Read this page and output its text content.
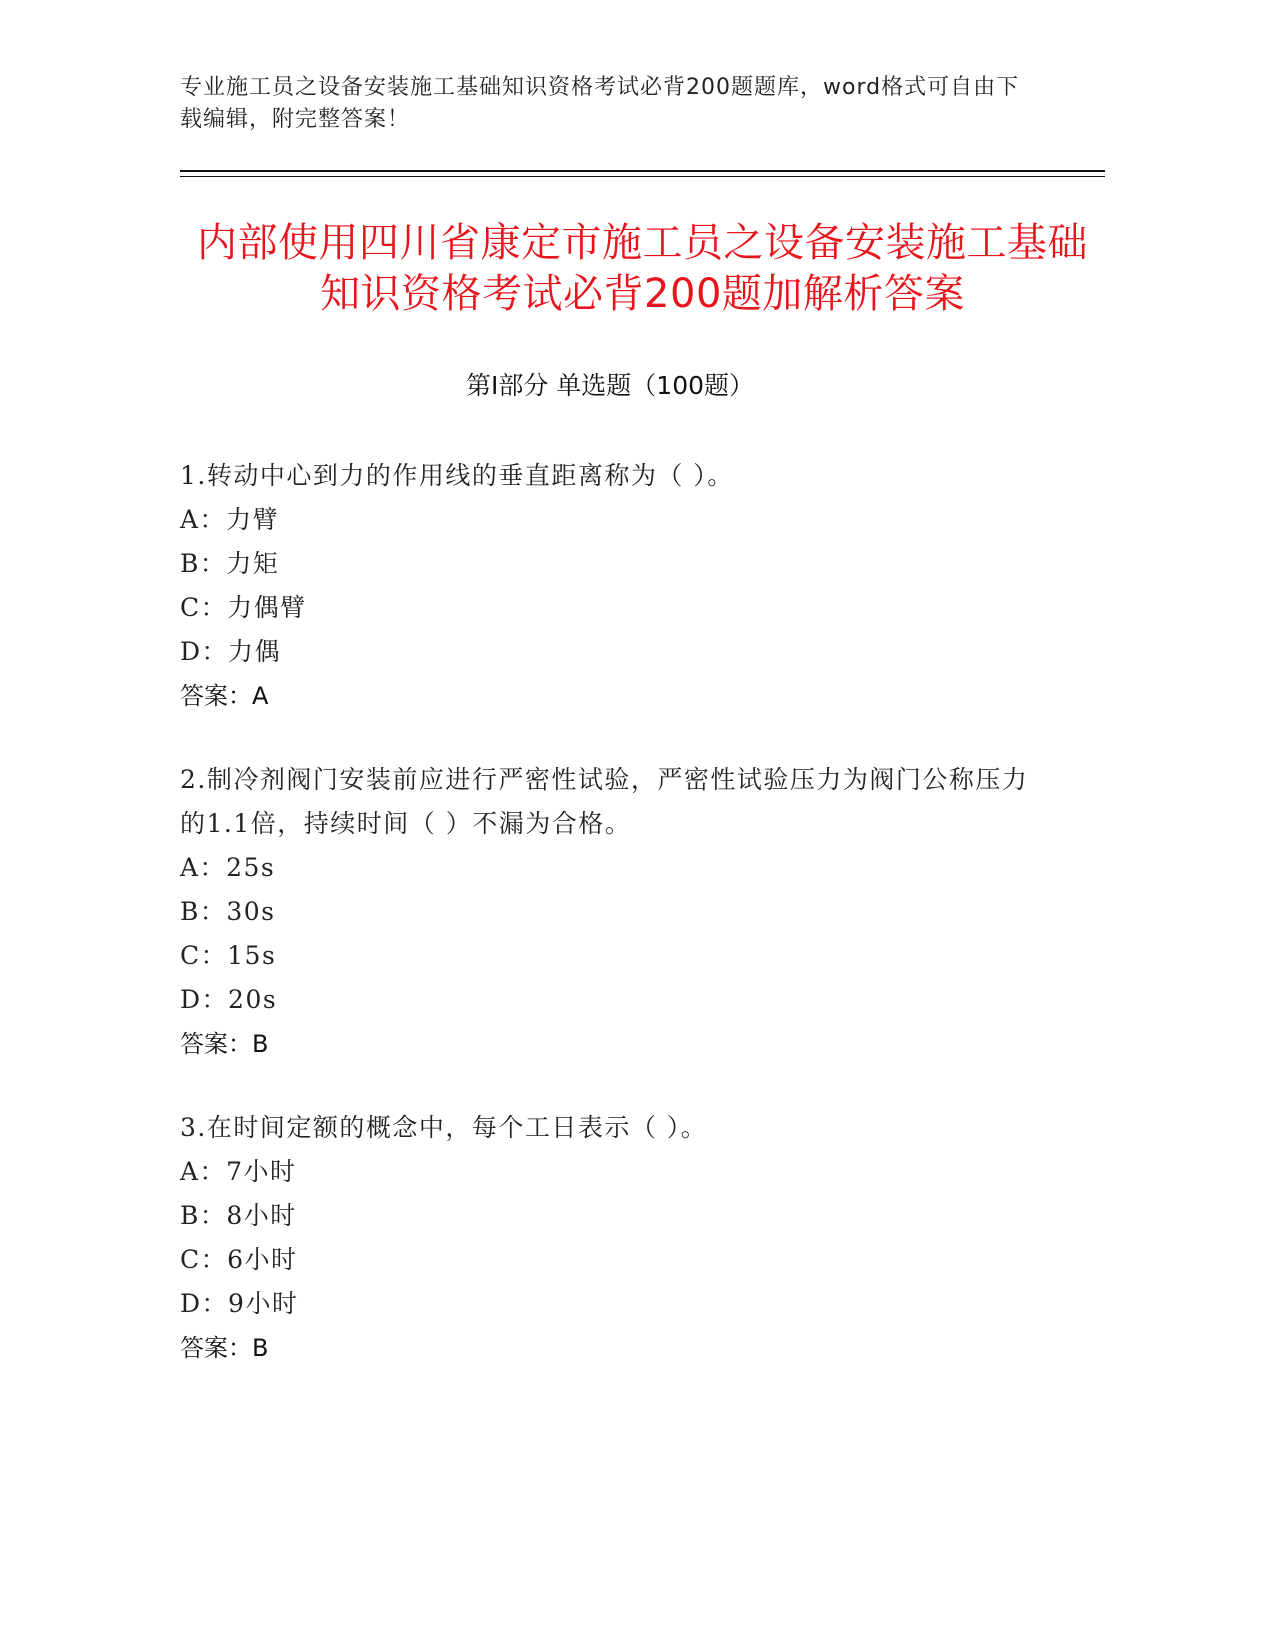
专业施工员之设备安装施工基础知识资格考试必背200题题库，word格式可自由下载编辑，附完整答案！
内部使用四川省康定市施工员之设备安装施工基础知识资格考试必背200题加解析答案
第Ⅰ部分 单选题（100题）
1.转动中心到力的作用线的垂直距离称为（ ）。
A：力臂
B：力矩
C：力偶臂
D：力偶
答案：A
2.制冷剂阀门安装前应进行严密性试验，严密性试验压力为阀门公称压力的1.1倍，持续时间（ ）不漏为合格。
A：25s
B：30s
C：15s
D：20s
答案：B
3.在时间定额的概念中，每个工日表示（ ）。
A：7小时
B：8小时
C：6小时
D：9小时
答案：B
